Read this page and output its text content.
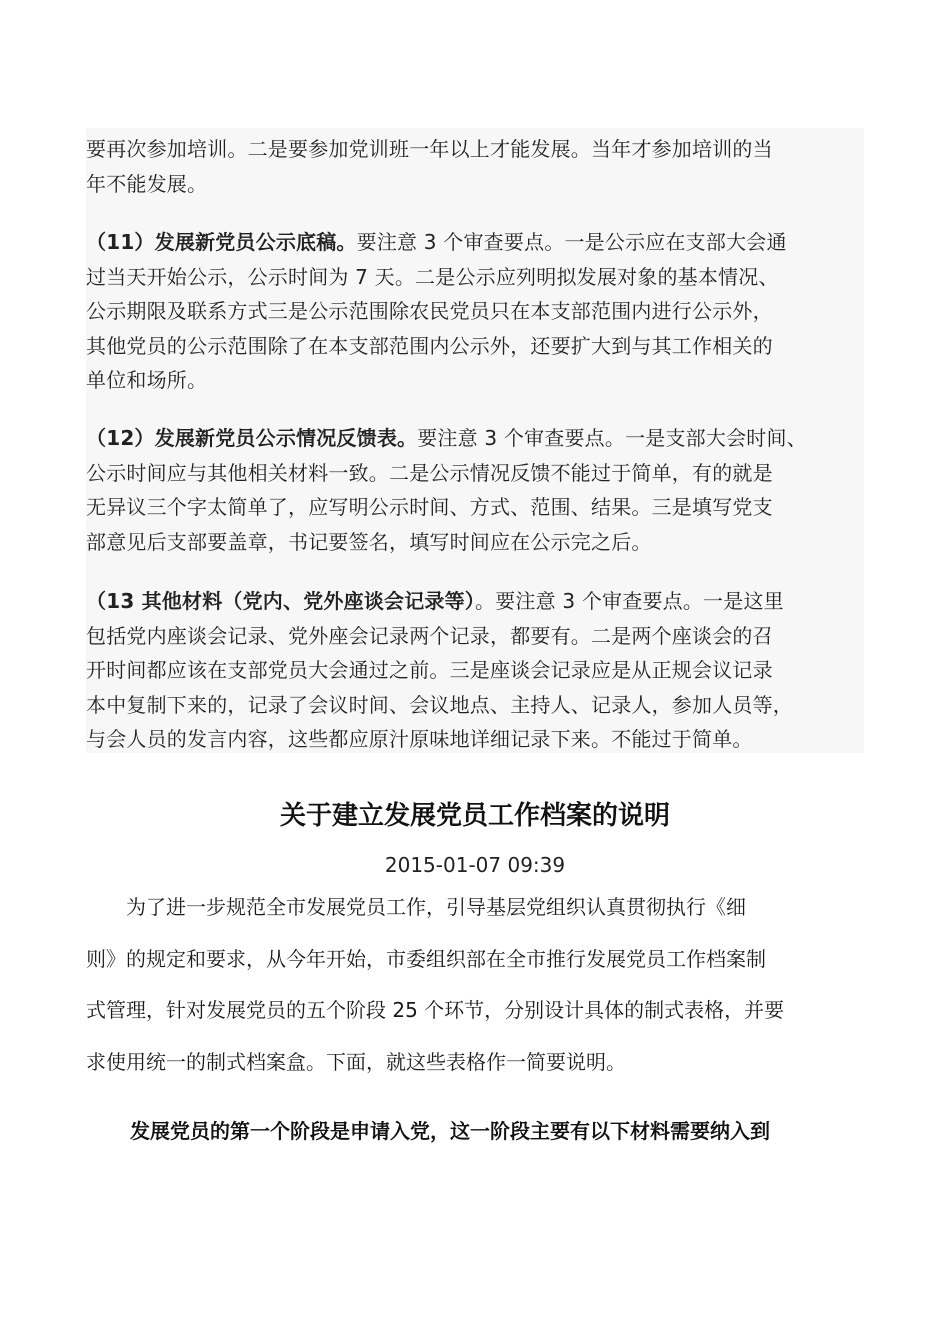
要再次参加培训。二是要参加党训班一年以上才能发展。当年才参加培训的当
年不能发展。
（11）发展新党员公示底稿。要注意 3 个审查要点。一是公示应在支部大会通
过当天开始公示，公示时间为 7 天。二是公示应列明拟发展对象的基本情况、
公示期限及联系方式三是公示范围除农民党员只在本支部范围内进行公示外，
其他党员的公示范围除了在本支部范围内公示外，还要扩大到与其工作相关的
单位和场所。
（12）发展新党员公示情况反馈表。要注意 3 个审查要点。一是支部大会时间、
公示时间应与其他相关材料一致。二是公示情况反馈不能过于简单，有的就是
无异议三个字太简单了，应写明公示时间、方式、范围、结果。三是填写党支
部意见后支部要盖章，书记要签名，填写时间应在公示完之后。
（13 其他材料（党内、党外座谈会记录等）。要注意 3 个审查要点。一是这里
包括党内座谈会记录、党外座会记录两个记录，都要有。二是两个座谈会的召
开时间都应该在支部党员大会通过之前。三是座谈会记录应是从正规会议记录
本中复制下来的，记录了会议时间、会议地点、主持人、记录人，参加人员等，
与会人员的发言内容，这些都应原汁原味地详细记录下来。不能过于简单。
关于建立发展党员工作档案的说明
2015-01-07 09:39
　　为了进一步规范全市发展党员工作，引导基层党组织认真贯彻执行《细
则》的规定和要求，从今年开始，市委组织部在全市推行发展党员工作档案制
式管理，针对发展党员的五个阶段 25 个环节，分别设计具体的制式表格，并要
求使用统一的制式档案盒。下面，就这些表格作一简要说明。
发展党员的第一个阶段是申请入党，这一阶段主要有以下材料需要纳入到
